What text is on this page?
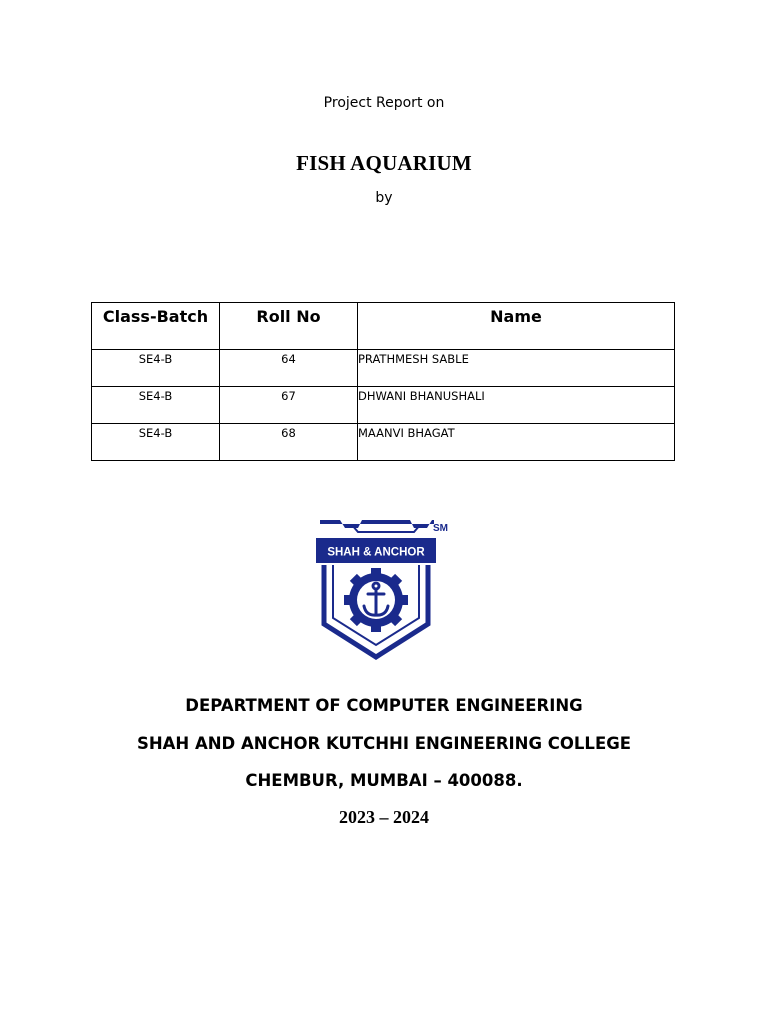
Project Report on
FISH AQUARIUM
by
Class-Batch	Roll No	Name
SE4-B	64	PRATHMESH SABLE
SE4-B	67	DHWANI BHANUSHALI
SE4-B	68	MAANVI BHAGAT
SHAH & ANCHOR
SM
DEPARTMENT OF COMPUTER ENGINEERING
SHAH AND ANCHOR KUTCHHI ENGINEERING COLLEGE
CHEMBUR, MUMBAI – 400088.
2023 – 2024
